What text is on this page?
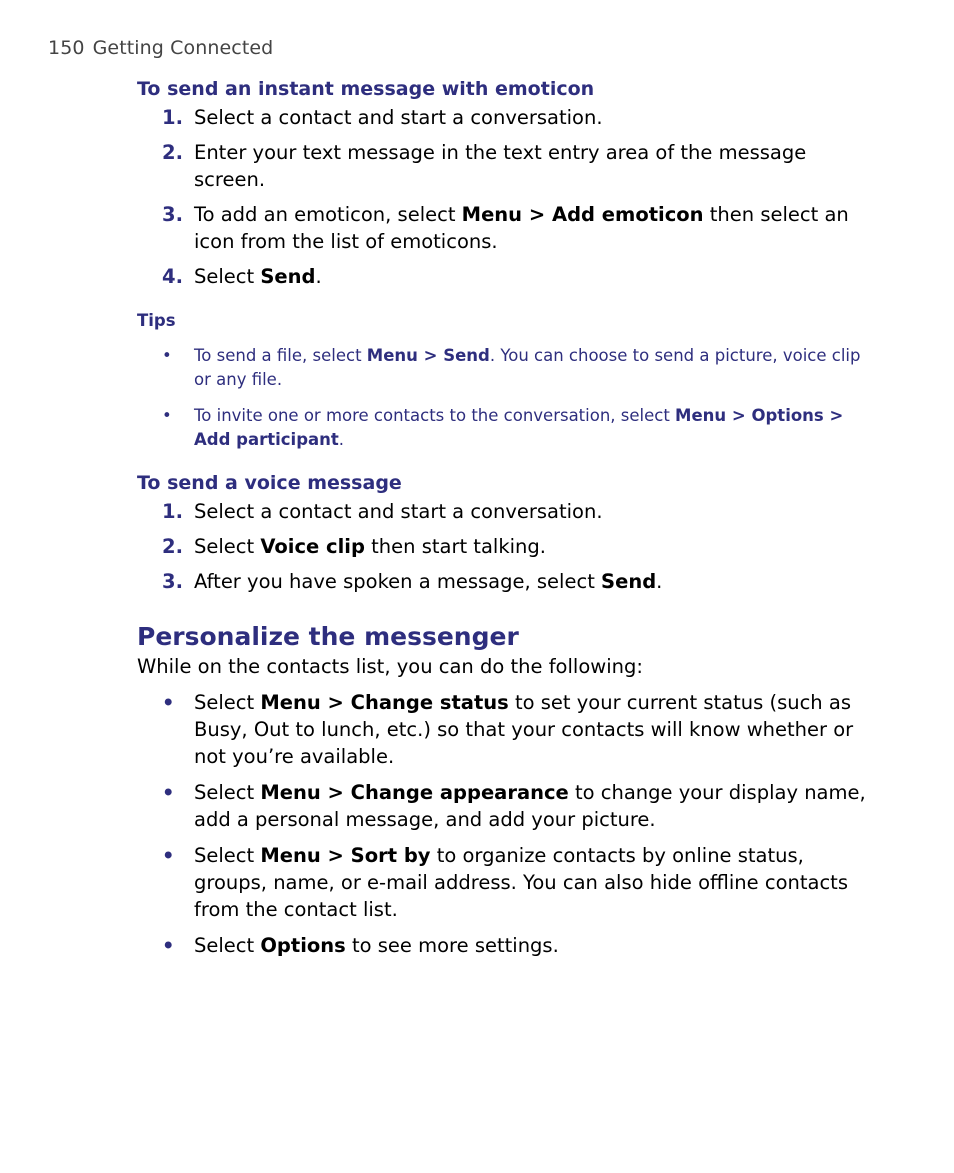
150 Getting Connected
To send an instant message with emoticon
1. Select a contact and start a conversation.
2. Enter your text message in the text entry area of the message screen.
3. To add an emoticon, select Menu > Add emoticon then select an icon from the list of emoticons.
4. Select Send.
Tips
• To send a file, select Menu > Send. You can choose to send a picture, voice clip or any file.
• To invite one or more contacts to the conversation, select Menu > Options > Add participant.
To send a voice message
1. Select a contact and start a conversation.
2. Select Voice clip then start talking.
3. After you have spoken a message, select Send.
Personalize the messenger

While on the contacts list, you can do the following:

• Select Menu > Change status to set your current status (such as Busy, Out to lunch, etc.) so that your contacts will know whether or not you’re available.
• Select Menu > Change appearance to change your display name, add a personal message, and add your picture.
• Select Menu > Sort by to organize contacts by online status, groups, name, or e-mail address. You can also hide offline contacts from the contact list.
• Select Options to see more settings.
